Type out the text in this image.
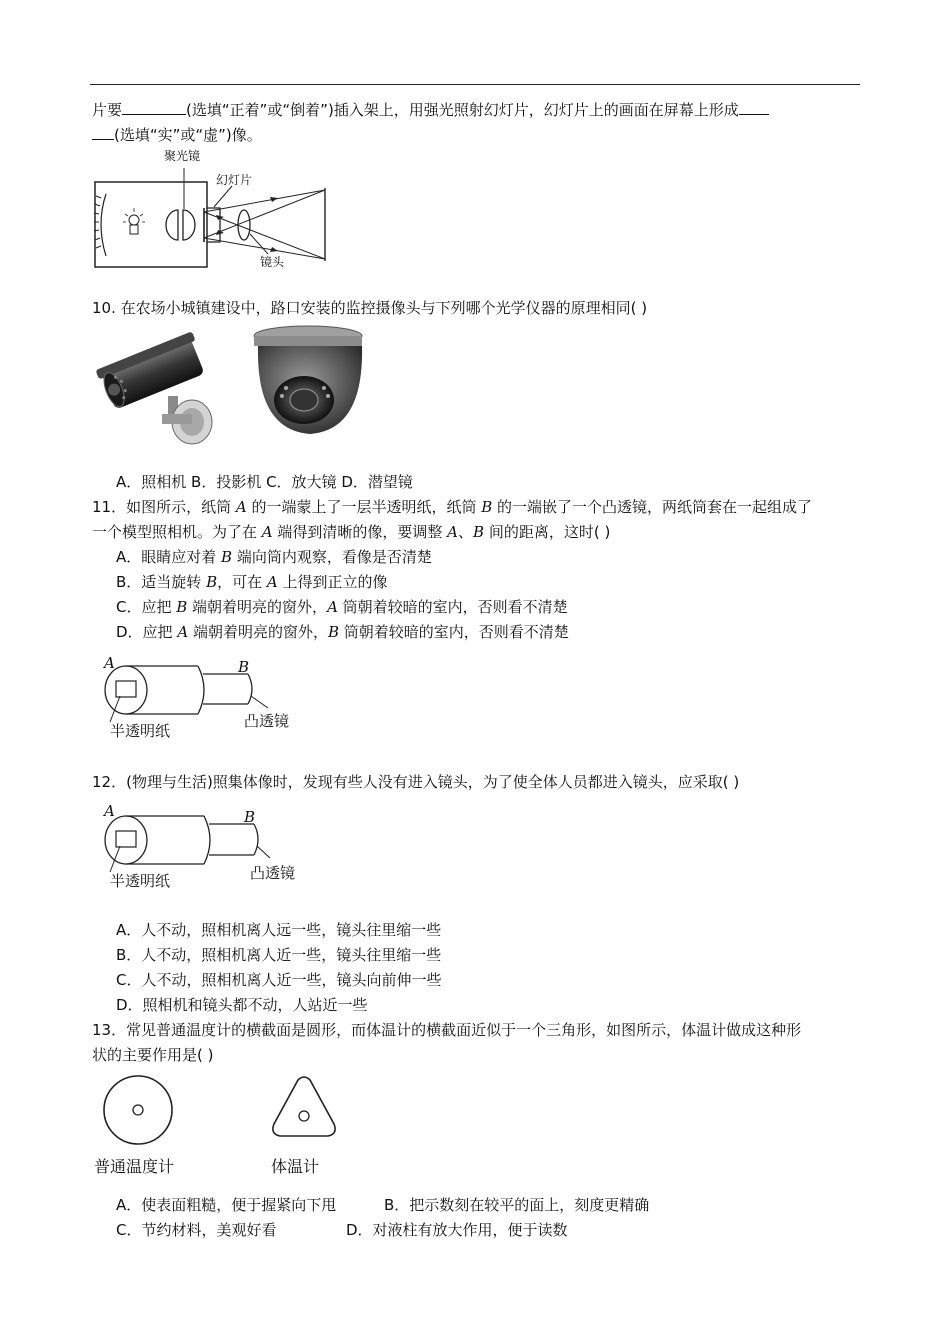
片要	(选填“正着”或“倒着”)插入架上，用强光照射幻灯片，幻灯片上的画面在屏幕上形成
(选填“实”或“虚”)像。
聚光镜
幻灯片
镜头
10. 在农场小城镇建设中，路口安装的监控摄像头与下列哪个光学仪器的原理相同( )
A．照相机 B．投影机 C．放大镜 D．潜望镜
11．如图所示，纸筒 A 的一端蒙上了一层半透明纸，纸筒 B 的一端嵌了一个凸透镜，两纸筒套在一起组成了
一个模型照相机。为了在 A 端得到清晰的像，要调整 A、B 间的距离，这时( )
A．眼睛应对着 B 端向筒内观察，看像是否清楚
B．适当旋转 B，可在 A 上得到正立的像
C．应把 B 端朝着明亮的窗外，A 筒朝着较暗的室内，否则看不清楚
D．应把 A 端朝着明亮的窗外，B 筒朝着较暗的室内，否则看不清楚
A	B
半透明纸
凸透镜
12．(物理与生活)照集体像时，发现有些人没有进入镜头，为了使全体人员都进入镜头，应采取( )
A	B
半透明纸	凸透镜
A．人不动，照相机离人远一些，镜头往里缩一些
B．人不动，照相机离人近一些，镜头往里缩一些
C．人不动，照相机离人近一些，镜头向前伸一些
D．照相机和镜头都不动，人站近一些
13．常见普通温度计的横截面是圆形，而体温计的横截面近似于一个三角形，如图所示，体温计做成这种形
状的主要作用是( )
普通温度计	体温计
A．使表面粗糙，便于握紧向下甩	B．把示数刻在较平的面上，刻度更精确
C．节约材料，美观好看	D．对液柱有放大作用，便于读数
